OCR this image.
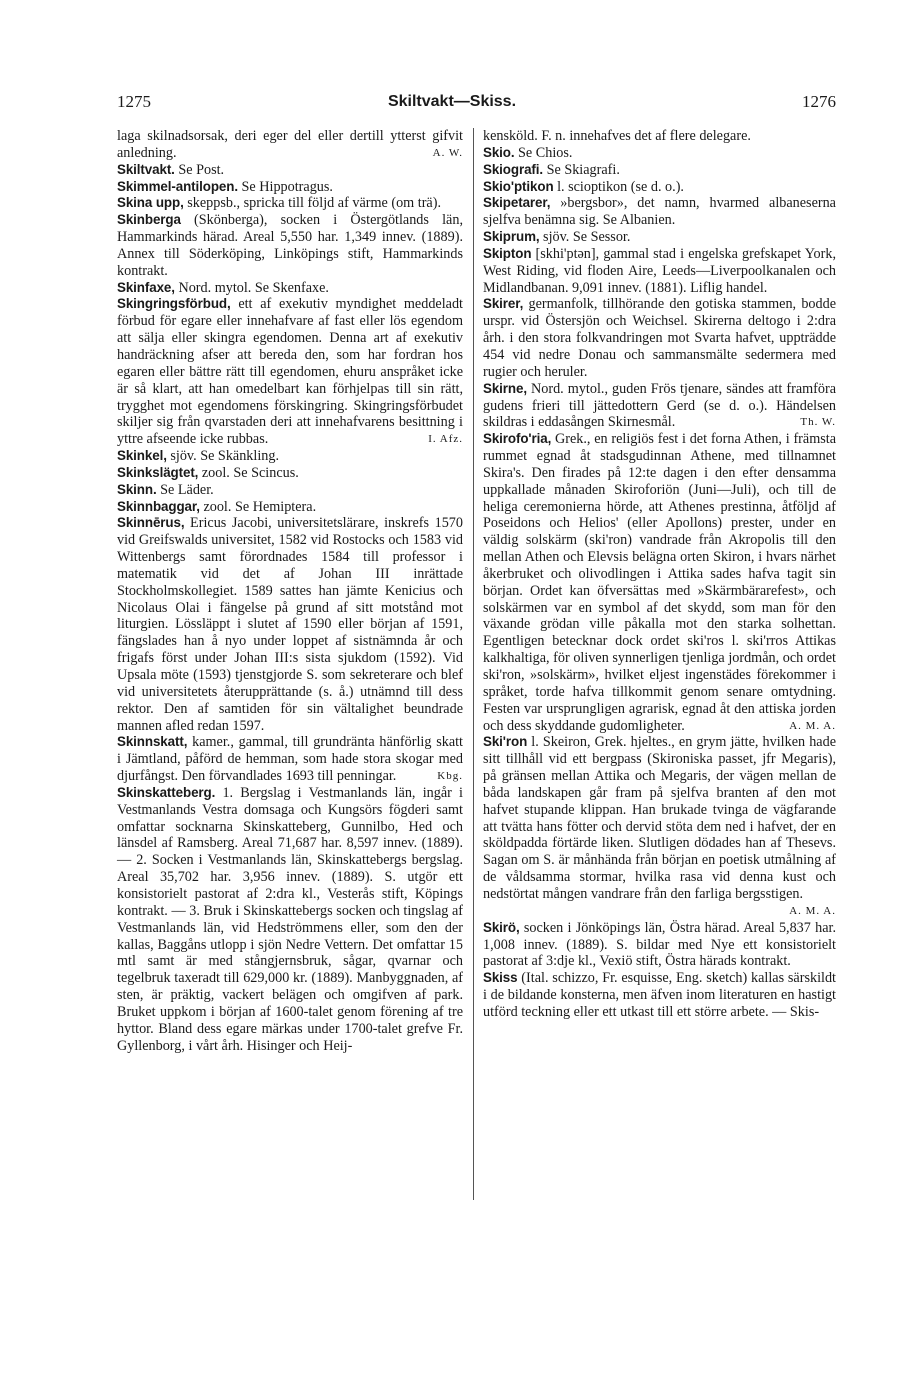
1275	Skiltvakt—Skiss.	1276

laga skilnadsorsak, deri eger del eller dertill ytterst gifvit anledning.	A. W.

Skiltvakt. Se Post.

Skimmel-antilopen. Se Hippotragus.

Skina upp, skeppsb., spricka till följd af värme (om trä).

Skinberga (Skönberga), socken i Östergötlands län, Hammarkinds härad. Areal 5,550 har. 1,349 innev. (1889). Annex till Söderköping, Linköpings stift, Hammarkinds kontrakt.

Skinfaxe, Nord. mytol. Se Skenfaxe.

Skingringsförbud, ett af exekutiv myndighet meddeladt förbud för egare eller innehafvare af fast eller lös egendom att sälja eller skingra egendomen. Denna art af exekutiv handräckning afser att bereda den, som har fordran hos egaren eller bättre rätt till egendomen, ehuru anspråket icke är så klart, att han omedelbart kan förhjelpas till sin rätt, trygghet mot egendomens förskingring. Skingringsförbudet skiljer sig från qvarstaden deri att innehafvarens besittning i yttre afseende icke rubbas.	I. Afz.

Skinkel, sjöv. Se Skänkling.

Skinkslägtet, zool. Se Scincus.

Skinn. Se Läder.

Skinnbaggar, zool. Se Hemiptera.

Skinnērus, Ericus Jacobi, universitetslärare, inskrefs 1570 vid Greifswalds universitet, 1582 vid Rostocks och 1583 vid Wittenbergs samt förordnades 1584 till professor i matematik vid det af Johan III inrättade Stockholmskollegiet. 1589 sattes han jämte Kenicius och Nicolaus Olai i fängelse på grund af sitt motstånd mot liturgien. Lössläppt i slutet af 1590 eller början af 1591, fängslades han å nyo under loppet af sistnämnda år och frigafs först under Johan III:s sista sjukdom (1592). Vid Upsala möte (1593) tjenstgjorde S. som sekreterare och blef vid universitetets återupprättande (s. å.) utnämnd till dess rektor. Den af samtiden för sin vältalighet beundrade mannen afled redan 1597.

Skinnskatt, kamer., gammal, till grundränta hänförlig skatt i Jämtland, påförd de hemman, som hade stora skogar med djurfångst. Den förvandlades 1693 till penningar.	Kbg.

Skinskatteberg. 1. Bergslag i Vestmanlands län, ingår i Vestmanlands Vestra domsaga och Kungsörs fögderi samt omfattar socknarna Skinskatteberg, Gunnilbo, Hed och länsdel af Ramsberg. Areal 71,687 har. 8,597 innev. (1889). — 2. Socken i Vestmanlands län, Skinskattebergs bergslag. Areal 35,702 har. 3,956 innev. (1889). S. utgör ett konsistorielt pastorat af 2:dra kl., Vesterås stift, Köpings kontrakt. — 3. Bruk i Skinskattebergs socken och tingslag af Vestmanlands län, vid Hedströmmens eller, som den der kallas, Baggåns utlopp i sjön Nedre Vettern. Det omfattar 15 mtl samt är med stångjernsbruk, sågar, qvarnar och tegelbruk taxeradt till 629,000 kr. (1889). Manbyggnaden, af sten, är präktig, vackert belägen och omgifven af park. Bruket uppkom i början af 1600-talet genom förening af tre hyttor. Bland dess egare märkas under 1700-talet grefve Fr. Gyllenborg, i vårt årh. Hisinger och Heij-

kensköld. F. n. innehafves det af flere delegare.

Skio. Se Chios.

Skiografi. Se Skiagrafi.

Skio'ptikon l. scioptikon (se d. o.).

Skipetarer, »bergsbor», det namn, hvarmed albaneserna sjelfva benämna sig. Se Albanien.

Skiprum, sjöv. Se Sessor.

Skipton [skhi'ptən], gammal stad i engelska grefskapet York, West Riding, vid floden Aire, Leeds—Liverpoolkanalen och Midlandbanan. 9,091 innev. (1881). Liflig handel.

Skirer, germanfolk, tillhörande den gotiska stammen, bodde urspr. vid Östersjön och Weichsel. Skirerna deltogo i 2:dra årh. i den stora folkvandringen mot Svarta hafvet, uppträdde 454 vid nedre Donau och sammansmälte sedermera med rugier och heruler.

Skirne, Nord. mytol., guden Frös tjenare, sändes att framföra gudens frieri till jättedottern Gerd (se d. o.). Händelsen skildras i eddasången Skirnesmål.	Th. W.

Skirofo'ria, Grek., en religiös fest i det forna Athen, i främsta rummet egnad åt stadsgudinnan Athene, med tillnamnet Skira's. Den firades på 12:te dagen i den efter densamma uppkallade månaden Skiroforiön (Juni—Juli), och till de heliga ceremonierna hörde, att Athenes prestinna, åtföljd af Poseidons och Helios' (eller Apollons) prester, under en väldig solskärm (ski'ron) vandrade från Akropolis till den mellan Athen och Elevsis belägna orten Skiron, i hvars närhet åkerbruket och olivodlingen i Attika sades hafva tagit sin början. Ordet kan öfversättas med »Skärmbärarefest», och solskärmen var en symbol af det skydd, som man för den växande grödan ville påkalla mot den starka solhettan. Egentligen betecknar dock ordet ski'ros l. ski'rros Attikas kalkhaltiga, för oliven synnerligen tjenliga jordmån, och ordet ski'ron, »solskärm», hvilket eljest ingenstädes förekommer i språket, torde hafva tillkommit genom senare omtydning. Festen var ursprungligen agrarisk, egnad åt den attiska jorden och dess skyddande gudomligheter.	A. M. A.

Ski'ron l. Skeiron, Grek. hjeltes., en grym jätte, hvilken hade sitt tillhåll vid ett bergpass (Skironiska passet, jfr Megaris), på gränsen mellan Attika och Megaris, der vägen mellan de båda landskapen går fram på sjelfva branten af den mot hafvet stupande klippan. Han brukade tvinga de vägfarande att tvätta hans fötter och dervid stöta dem ned i hafvet, der en sköldpadda förtärde liken. Slutligen dödades han af Thesevs. Sagan om S. är månhända från början en poetisk utmålning af de våldsamma stormar, hvilka rasa vid denna kust och nedstörtat mången vandrare från den farliga bergsstigen.
A. M. A.

Skirö, socken i Jönköpings län, Östra härad. Areal 5,837 har. 1,008 innev. (1889). S. bildar med Nye ett konsistorielt pastorat af 3:dje kl., Vexiö stift, Östra härads kontrakt.

Skiss (Ital. schizzo, Fr. esquisse, Eng. sketch) kallas särskildt i de bildande konsterna, men äfven inom literaturen en hastigt utförd teckning eller ett utkast till ett större arbete. — Skis-
